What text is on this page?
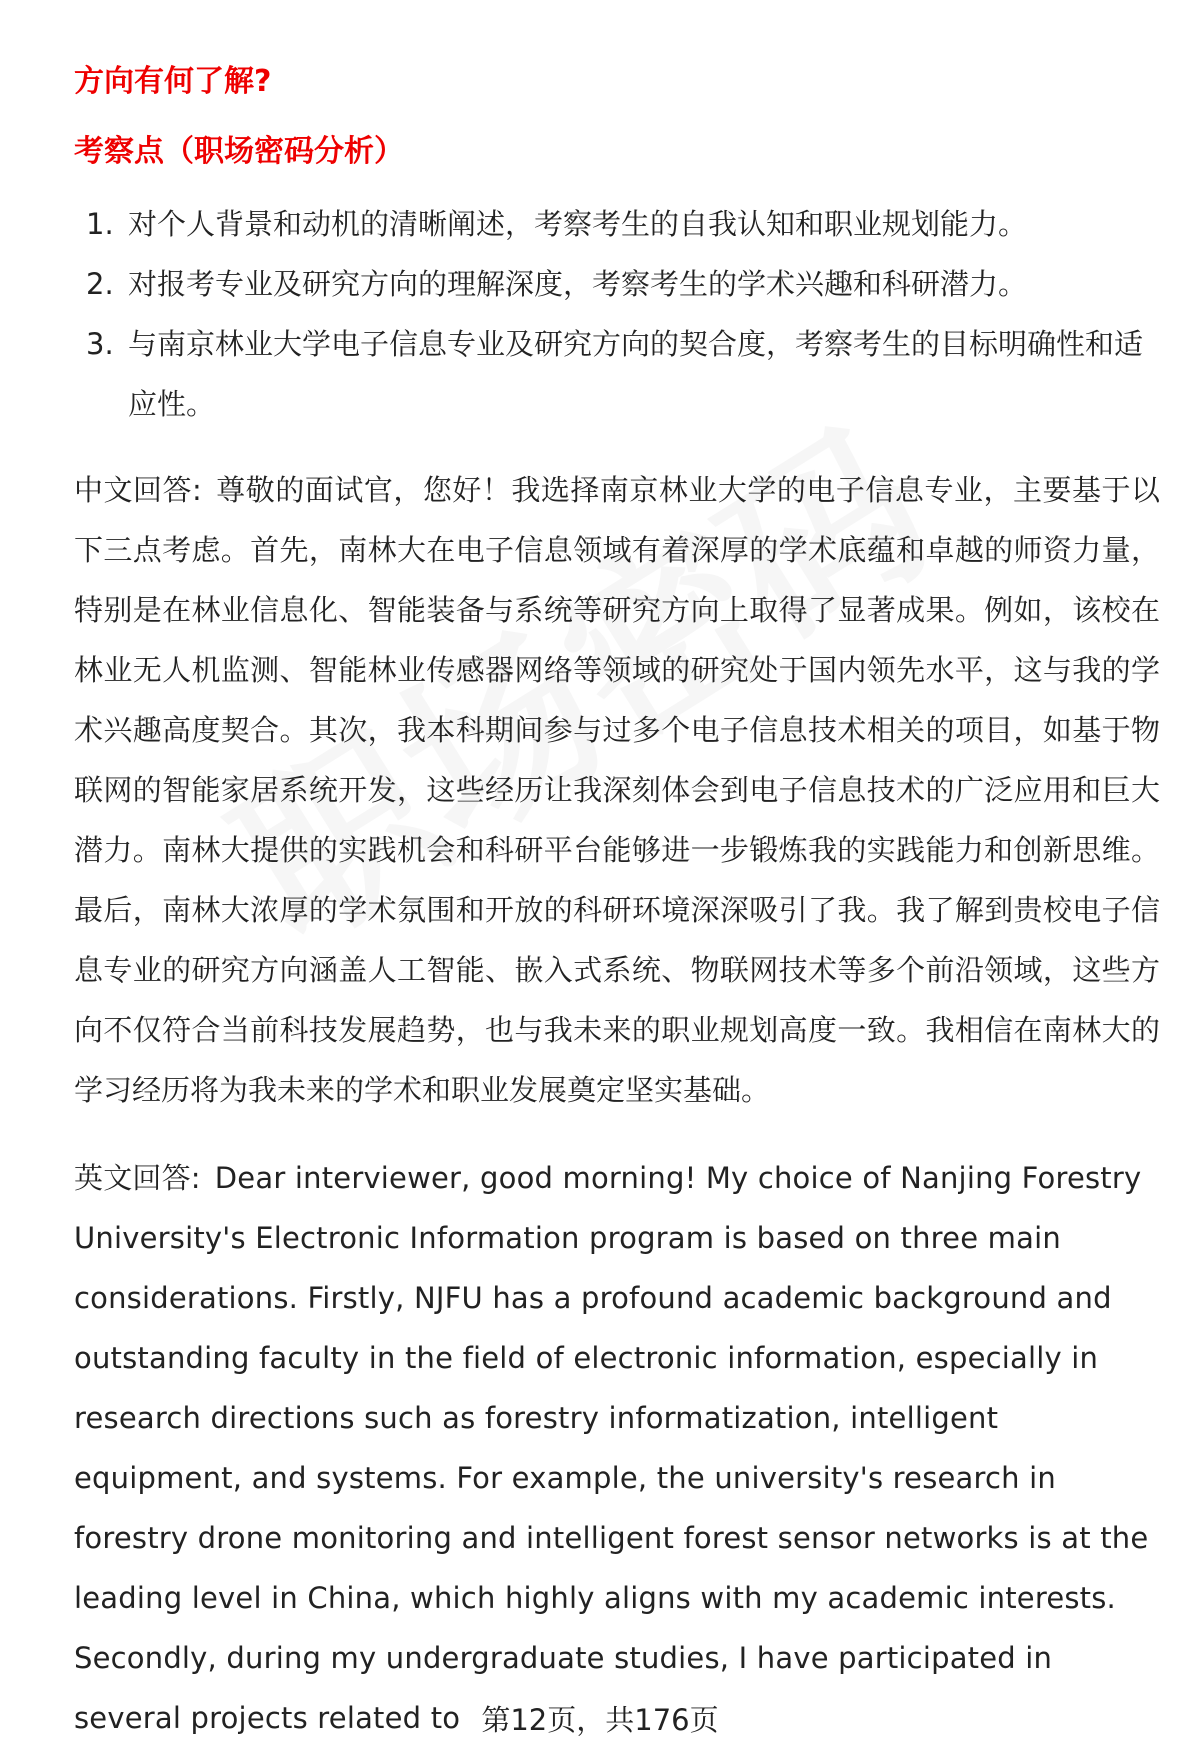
方向有何了解?
考察点（职场密码分析）
1. 对个人背景和动机的清晰阐述，考察考生的自我认知和职业规划能力。
2. 对报考专业及研究方向的理解深度，考察考生的学术兴趣和科研潜力。
3. 与南京林业大学电子信息专业及研究方向的契合度，考察考生的目标明确性和适应性。

中文回答: 尊敬的面试官，您好！我选择南京林业大学的电子信息专业，主要基于以下三点考虑。首先，南林大在电子信息领域有着深厚的学术底蕴和卓越的师资力量，特别是在林业信息化、智能装备与系统等研究方向上取得了显著成果。例如，该校在林业无人机监测、智能林业传感器网络等领域的研究处于国内领先水平，这与我的学术兴趣高度契合。其次，我本科期间参与过多个电子信息技术相关的项目，如基于物联网的智能家居系统开发，这些经历让我深刻体会到电子信息技术的广泛应用和巨大潜力。南林大提供的实践机会和科研平台能够进一步锻炼我的实践能力和创新思维。最后，南林大浓厚的学术氛围和开放的科研环境深深吸引了我。我了解到贵校电子信息专业的研究方向涵盖人工智能、嵌入式系统、物联网技术等多个前沿领域，这些方向不仅符合当前科技发展趋势，也与我未来的职业规划高度一致。我相信在南林大的学习经历将为我未来的学术和职业发展奠定坚实基础。

英文回答: Dear interviewer, good morning! My choice of Nanjing Forestry University's Electronic Information program is based on three main considerations. Firstly, NJFU has a profound academic background and outstanding faculty in the field of electronic information, especially in research directions such as forestry informatization, intelligent equipment, and systems. For example, the university's research in forestry drone monitoring and intelligent forest sensor networks is at the leading level in China, which highly aligns with my academic interests. Secondly, during my undergraduate studies, I have participated in several projects related to 第12页，共176页
